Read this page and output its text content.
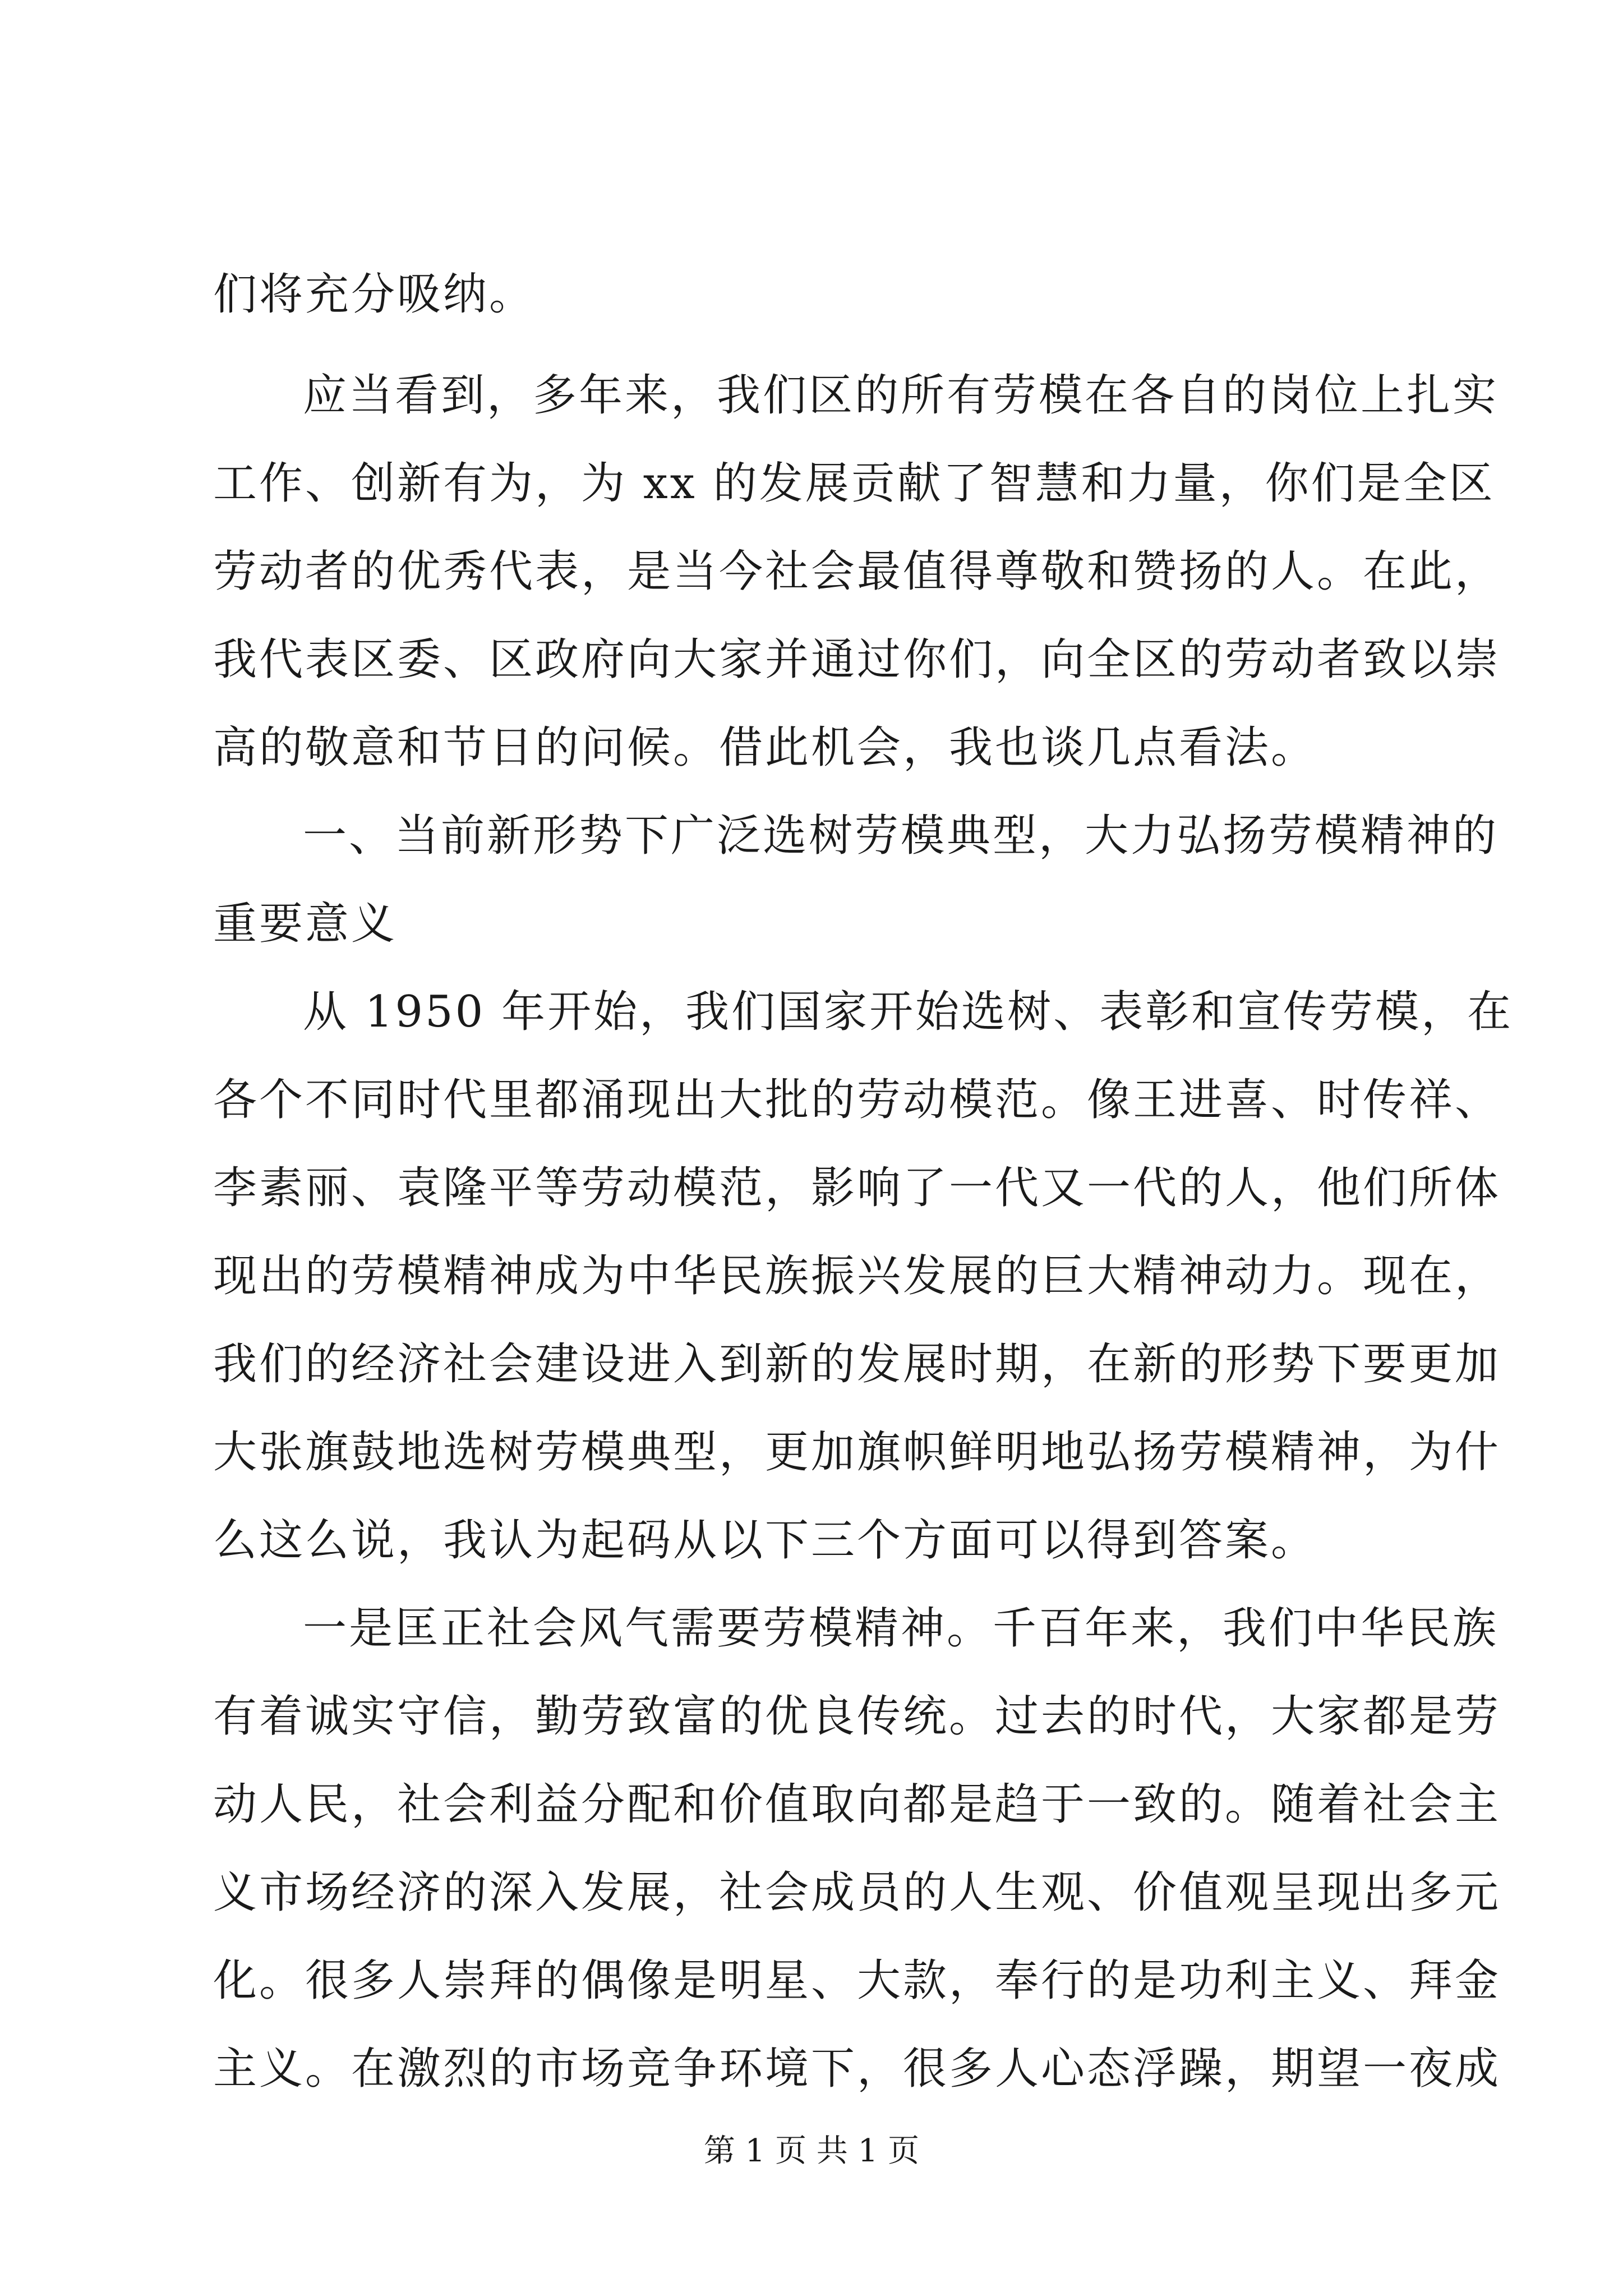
们将充分吸纳。

应当看到，多年来，我们区的所有劳模在各自的岗位上扎实

工作、创新有为，为 xx 的发展贡献了智慧和力量，你们是全区

劳动者的优秀代表，是当今社会最值得尊敬和赞扬的人。在此，

我代表区委、区政府向大家并通过你们，向全区的劳动者致以崇

高的敬意和节日的问候。借此机会，我也谈几点看法。

一、当前新形势下广泛选树劳模典型，大力弘扬劳模精神的

重要意义

从 1950 年开始，我们国家开始选树、表彰和宣传劳模，在

各个不同时代里都涌现出大批的劳动模范。像王进喜、时传祥、

李素丽、袁隆平等劳动模范，影响了一代又一代的人，他们所体

现出的劳模精神成为中华民族振兴发展的巨大精神动力。现在，

我们的经济社会建设进入到新的发展时期，在新的形势下要更加

大张旗鼓地选树劳模典型，更加旗帜鲜明地弘扬劳模精神，为什

么这么说，我认为起码从以下三个方面可以得到答案。

一是匡正社会风气需要劳模精神。千百年来，我们中华民族

有着诚实守信，勤劳致富的优良传统。过去的时代，大家都是劳

动人民，社会利益分配和价值取向都是趋于一致的。随着社会主

义市场经济的深入发展，社会成员的人生观、价值观呈现出多元

化。很多人崇拜的偶像是明星、大款，奉行的是功利主义、拜金

主义。在激烈的市场竞争环境下，很多人心态浮躁，期望一夜成

第 1 页 共 1 页
